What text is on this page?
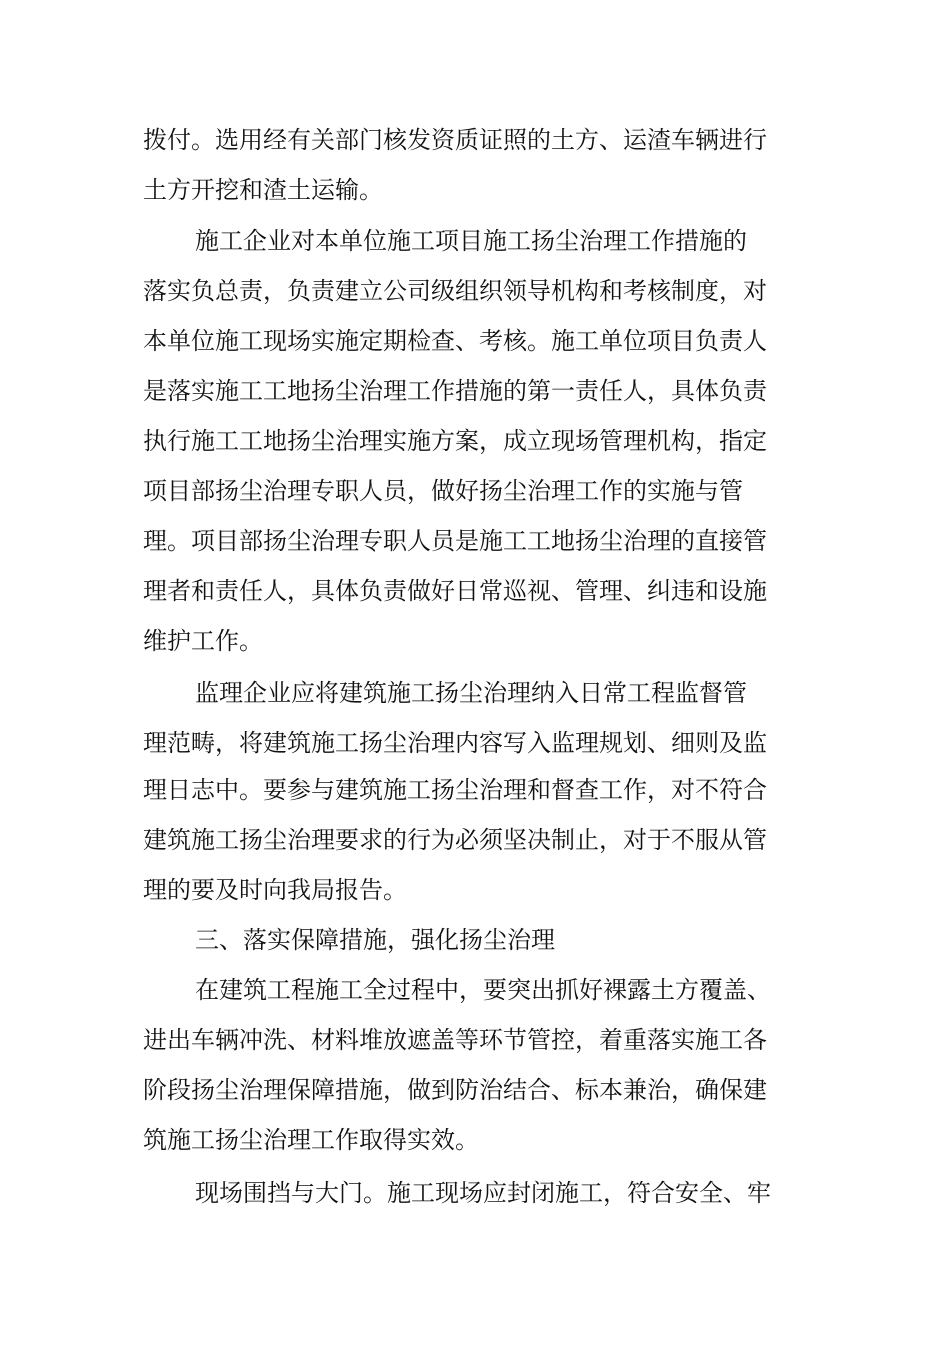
拨付。选用经有关部门核发资质证照的土方、运渣车辆进行
土方开挖和渣土运输。
施工企业对本单位施工项目施工扬尘治理工作措施的
落实负总责，负责建立公司级组织领导机构和考核制度，对
本单位施工现场实施定期检查、考核。施工单位项目负责人
是落实施工工地扬尘治理工作措施的第一责任人，具体负责
执行施工工地扬尘治理实施方案，成立现场管理机构，指定
项目部扬尘治理专职人员，做好扬尘治理工作的实施与管
理。项目部扬尘治理专职人员是施工工地扬尘治理的直接管
理者和责任人，具体负责做好日常巡视、管理、纠违和设施
维护工作。
监理企业应将建筑施工扬尘治理纳入日常工程监督管
理范畴，将建筑施工扬尘治理内容写入监理规划、细则及监
理日志中。要参与建筑施工扬尘治理和督查工作，对不符合
建筑施工扬尘治理要求的行为必须坚决制止，对于不服从管
理的要及时向我局报告。
三、落实保障措施，强化扬尘治理
在建筑工程施工全过程中，要突出抓好裸露土方覆盖、
进出车辆冲洗、材料堆放遮盖等环节管控，着重落实施工各
阶段扬尘治理保障措施，做到防治结合、标本兼治，确保建
筑施工扬尘治理工作取得实效。
现场围挡与大门。施工现场应封闭施工，符合安全、牢
